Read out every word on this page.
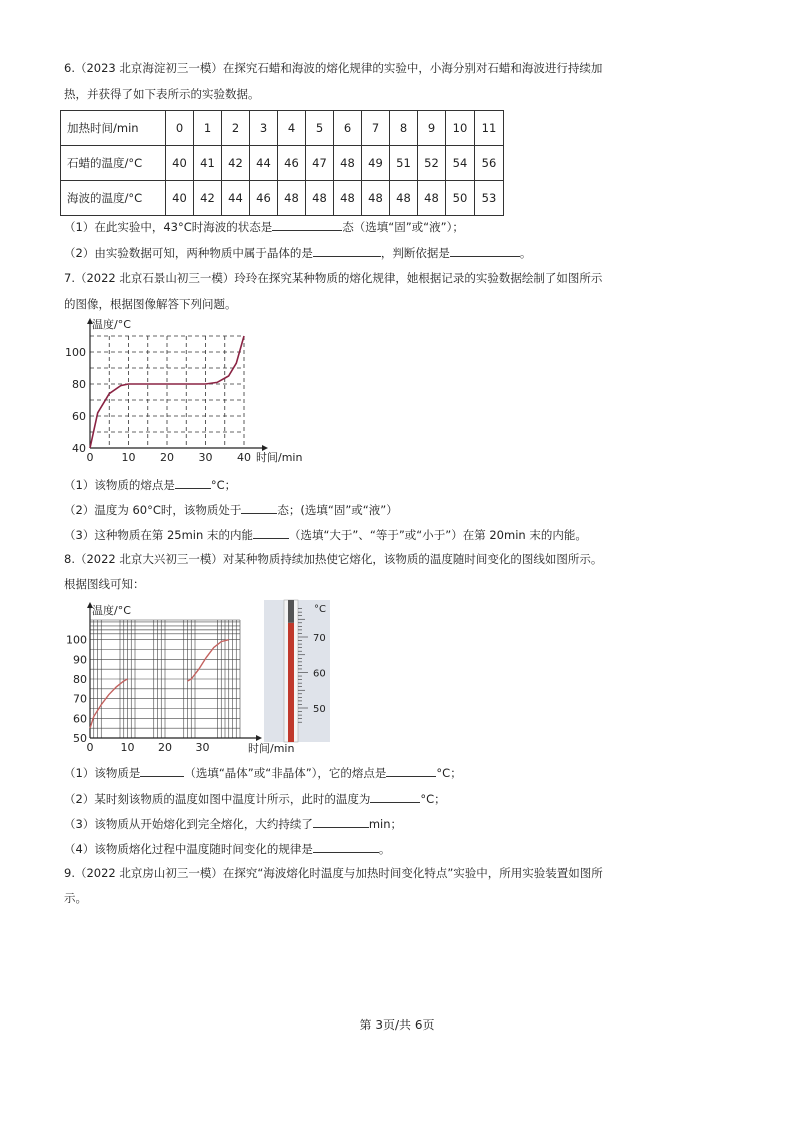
6.（2023 北京海淀初三一模）在探究石蜡和海波的熔化规律的实验中，小海分别对石蜡和海波进行持续加
热，并获得了如下表所示的实验数据。
加热时间/min	0	1	2	3	4	5	6	7	8	9	10	11
石蜡的温度/°C	40	41	42	44	46	47	48	49	51	52	54	56
海波的温度/°C	40	42	44	46	48	48	48	48	48	48	50	53
（1）在此实验中，43°C时海波的状态是	态（选填“固”或“液”）；
（2）由实验数据可知，两种物质中属于晶体的是	，判断依据是	。
7.（2022 北京石景山初三一模）玲玲在探究某种物质的熔化规律，她根据记录的实验数据绘制了如图所示
的图像，根据图像解答下列问题。
0	10 20 30 40
40
60
80
100
温度/°C
时间/min
（1）该物质的熔点是	°C；
（2）温度为 60°C时，该物质处于	态；(选填“固”或“液”）
（3）这种物质在第 25min 末的内能	（选填“大于”、“等于”或“小于”）在第 20min 末的内能。
8.（2022 北京大兴初三一模）对某种物质持续加热使它熔化，该物质的温度随时间变化的图线如图所示。
根据图线可知：
0 10 20 30
50
60
70
80
90
100
温度/°C
时间/min
°C
70
60
50
（1）该物质是	（选填“晶体”或“非晶体”），它的熔点是	°C；
（2）某时刻该物质的温度如图中温度计所示，此时的温度为	°C；
（3）该物质从开始熔化到完全熔化，大约持续了	min；
（4）该物质熔化过程中温度随时间变化的规律是	。
9.（2022 北京房山初三一模）在探究“海波熔化时温度与加热时间变化特点”实验中，所用实验装置如图所
示。
第 3页/共 6页
